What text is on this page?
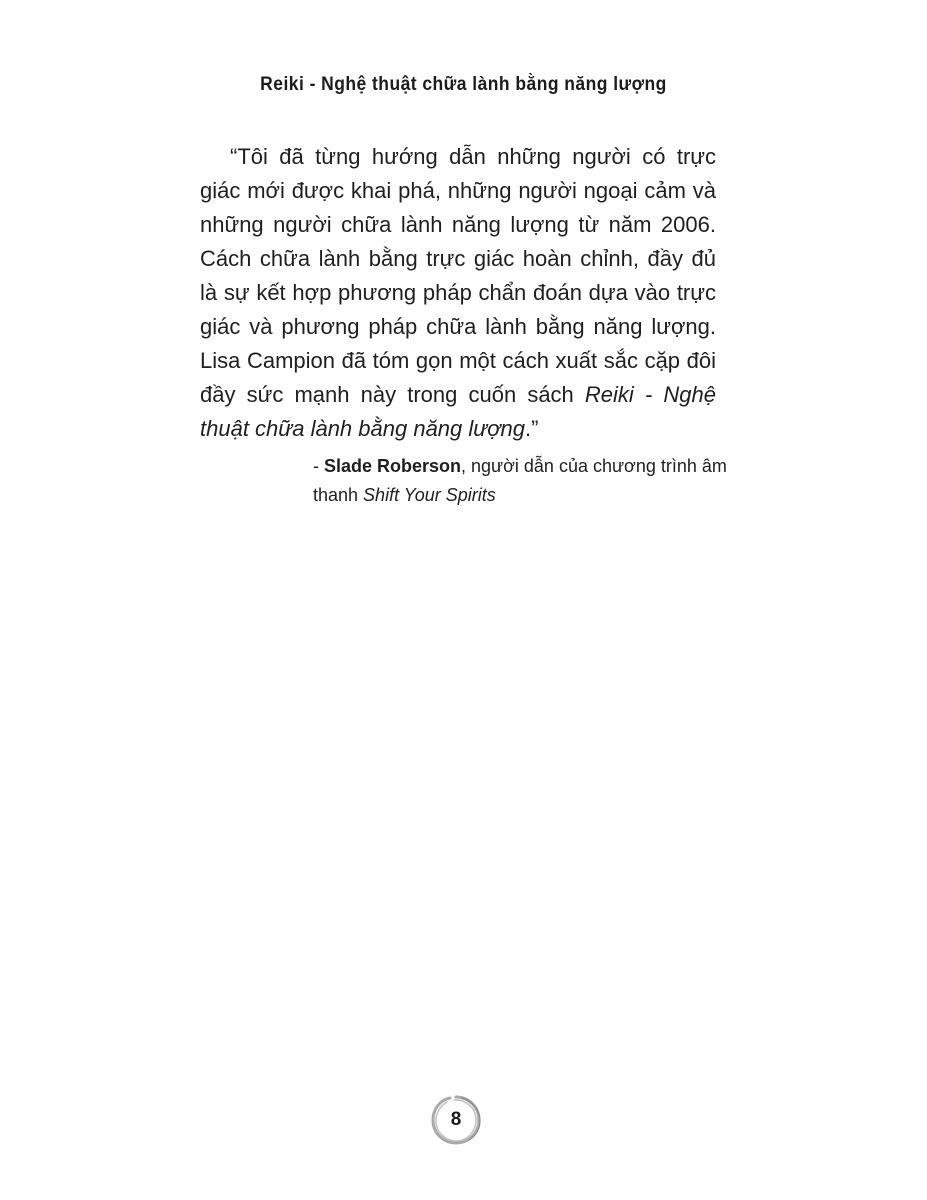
Reiki - Nghệ thuật chữa lành bằng năng lượng

“Tôi đã từng hướng dẫn những người có trực giác mới được khai phá, những người ngoại cảm và những người chữa lành năng lượng từ năm 2006. Cách chữa lành bằng trực giác hoàn chỉnh, đầy đủ là sự kết hợp phương pháp chẩn đoán dựa vào trực giác và phương pháp chữa lành bằng năng lượng. Lisa Campion đã tóm gọn một cách xuất sắc cặp đôi đầy sức mạnh này trong cuốn sách Reiki - Nghệ thuật chữa lành bằng năng lượng.”

- Slade Roberson, người dẫn của chương trình âm thanh Shift Your Spirits

8
